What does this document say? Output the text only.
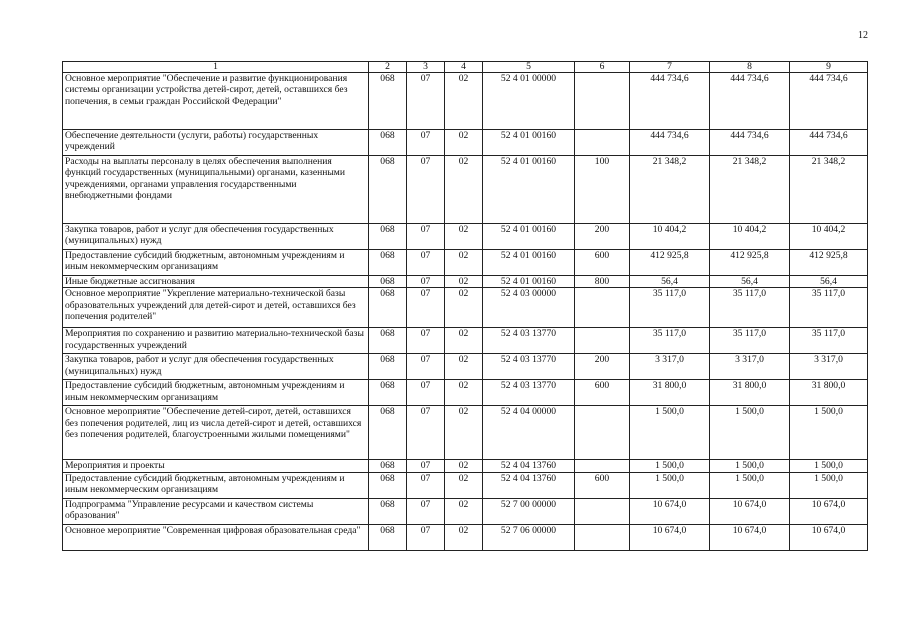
12
1	2	3	4	5	6	7	8	9
Основное мероприятие "Обеспечение и развитие функционирования системы организации устройства детей-сирот, детей, оставшихся без попечения, в семьи граждан Российской Федерации"	068	07	02	52 4 01 00000		444 734,6	444 734,6	444 734,6
Обеспечение деятельности (услуги, работы) государственных учреждений	068	07	02	52 4 01 00160		444 734,6	444 734,6	444 734,6
Расходы на выплаты персоналу в целях обеспечения выполнения функций государственных (муниципальными) органами, казенными учреждениями, органами управления государственными внебюджетными фондами	068	07	02	52 4 01 00160	100	21 348,2	21 348,2	21 348,2
Закупка товаров, работ и услуг для обеспечения государственных (муниципальных) нужд	068	07	02	52 4 01 00160	200	10 404,2	10 404,2	10 404,2
Предоставление субсидий бюджетным, автономным учреждениям и иным некоммерческим организациям	068	07	02	52 4 01 00160	600	412 925,8	412 925,8	412 925,8
Иные бюджетные ассигнования	068	07	02	52 4 01 00160	800	56,4	56,4	56,4
Основное мероприятие "Укрепление материально-технической базы образовательных учреждений для детей-сирот и детей, оставшихся без попечения родителей"	068	07	02	52 4 03 00000		35 117,0	35 117,0	35 117,0
Мероприятия по сохранению и развитию материально-технической базы государственных учреждений	068	07	02	52 4 03 13770		35 117,0	35 117,0	35 117,0
Закупка товаров, работ и услуг для обеспечения государственных (муниципальных) нужд	068	07	02	52 4 03 13770	200	3 317,0	3 317,0	3 317,0
Предоставление субсидий бюджетным, автономным учреждениям и иным некоммерческим организациям	068	07	02	52 4 03 13770	600	31 800,0	31 800,0	31 800,0
Основное мероприятие "Обеспечение детей-сирот, детей, оставшихся без попечения родителей, лиц из числа детей-сирот и детей, оставшихся без попечения родителей, благоустроенными жилыми помещениями"	068	07	02	52 4 04 00000		1 500,0	1 500,0	1 500,0
Мероприятия и проекты	068	07	02	52 4 04 13760		1 500,0	1 500,0	1 500,0
Предоставление субсидий бюджетным, автономным учреждениям и иным некоммерческим организациям	068	07	02	52 4 04 13760	600	1 500,0	1 500,0	1 500,0
Подпрограмма "Управление ресурсами и качеством системы образования"	068	07	02	52 7 00 00000		10 674,0	10 674,0	10 674,0
Основное мероприятие "Современная цифровая образовательная среда"	068	07	02	52 7 06 00000		10 674,0	10 674,0	10 674,0
